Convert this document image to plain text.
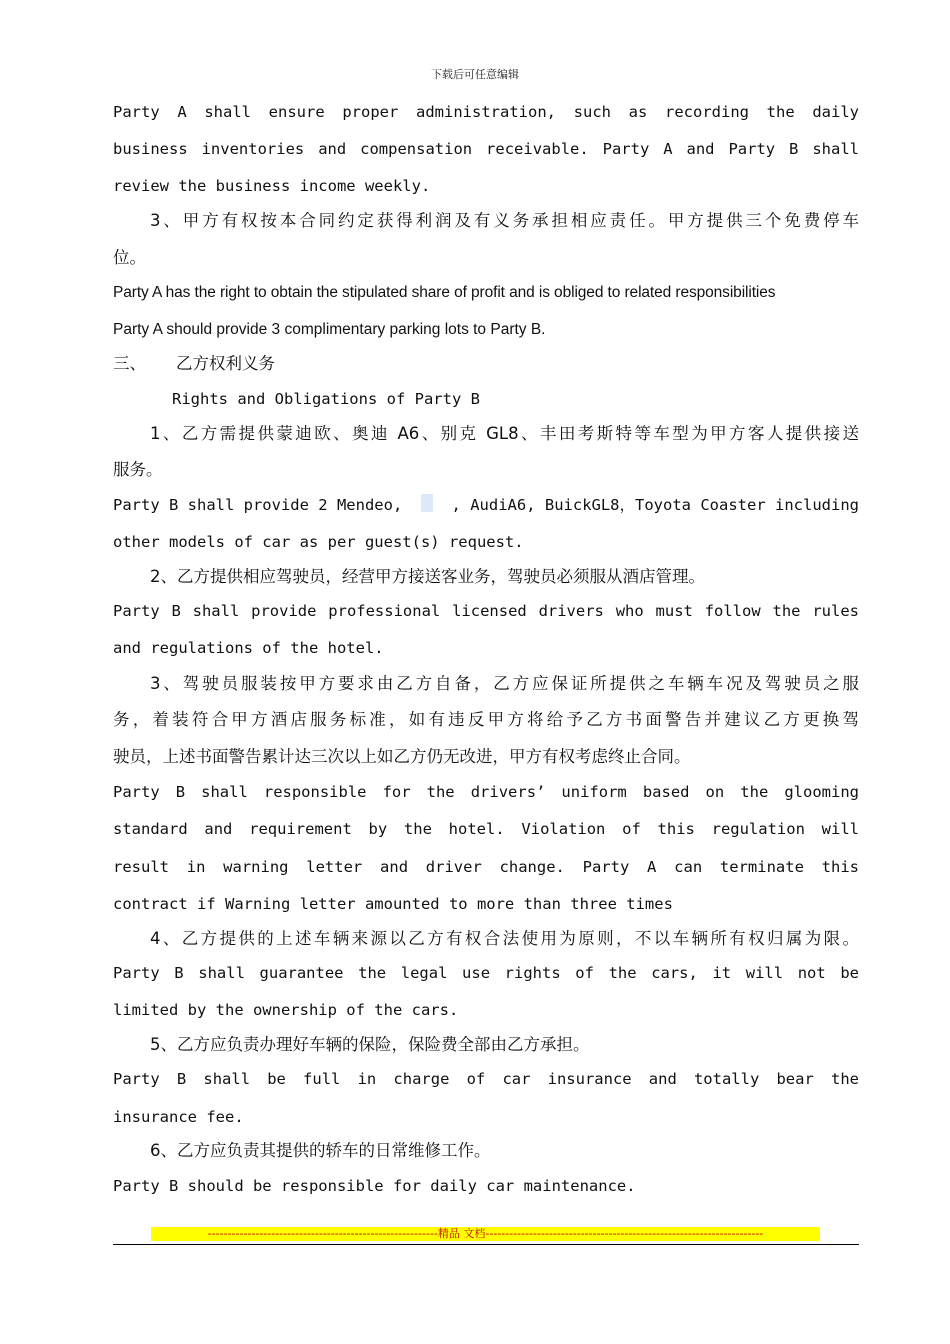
下载后可任意编辑
Party A shall ensure proper administration, such as recording the daily
business inventories and compensation receivable. Party A and Party B shall
review the business income weekly.
3、甲方有权按本合同约定获得利润及有义务承担相应责任。甲方提供三个免费停车
位。
Party A has the right to obtain the stipulated share of profit and is obliged to related responsibilities
Party A should provide 3 complimentary parking lots to Party B.
三、 乙方权利义务
Rights and Obligations of Party B
1、乙方需提供蒙迪欧、奥迪 A6、别克 GL8、丰田考斯特等车型为甲方客人提供接送
服务。
Party B shall provide 2 Mendeo,	, AudiA6, BuickGL8，Toyota Coaster including
other models of car as per guest(s) request.
2、乙方提供相应驾驶员，经营甲方接送客业务，驾驶员必须服从酒店管理。
Party B shall provide professional licensed drivers who must follow the rules
and regulations of the hotel.
3、驾驶员服装按甲方要求由乙方自备，乙方应保证所提供之车辆车况及驾驶员之服
务，着装符合甲方酒店服务标准，如有违反甲方将给予乙方书面警告并建议乙方更换驾
驶员，上述书面警告累计达三次以上如乙方仍无改进，甲方有权考虑终止合同。
Party B shall responsible for the drivers’ uniform based on the glooming
standard and requirement by the hotel. Violation of this regulation will
result in warning letter and driver change. Party A can terminate this
contract if Warning letter amounted to more than three times
4、乙方提供的上述车辆来源以乙方有权合法使用为原则，不以车辆所有权归属为限。
Party B shall guarantee the legal use rights of the cars, it will not be
limited by the ownership of the cars.
5、乙方应负责办理好车辆的保险，保险费全部由乙方承担。
Party B shall be full in charge of car insurance and totally bear the
insurance fee.
6、乙方应负责其提供的轿车的日常维修工作。
Party B should be responsible for daily car maintenance.
----------------------------------------------------------精品 文档----------------------------------------------------------------------
